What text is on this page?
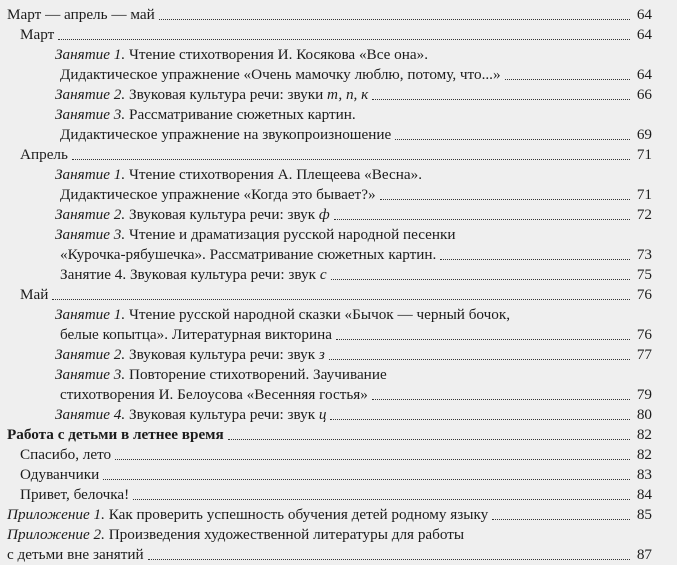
Март — апрель — май	64
Март	64
Занятие 1. Чтение стихотворения И. Косякова «Все она».
Дидактическое упражнение «Очень мамочку люблю, потому, что...»	64
Занятие 2. Звуковая культура речи: звуки т, п, к	66
Занятие 3. Рассматривание сюжетных картин.
Дидактическое упражнение на звукопроизношение	69
Апрель	71
Занятие 1. Чтение стихотворения А. Плещеева «Весна».
Дидактическое упражнение «Когда это бывает?»	71
Занятие 2. Звуковая культура речи: звук ф	72
Занятие 3. Чтение и драматизация русской народной песенки
«Курочка-рябушечка». Рассматривание сюжетных картин.	73
Занятие 4. Звуковая культура речи: звук с	75
Май	76
Занятие 1. Чтение русской народной сказки «Бычок — черный бочок,
белые копытца». Литературная викторина	76
Занятие 2. Звуковая культура речи: звук з	77
Занятие 3. Повторение стихотворений. Заучивание
стихотворения И. Белоусова «Весенняя гостья»	79
Занятие 4. Звуковая культура речи: звук ц	80
Работа с детьми в летнее время	82
Спасибо, лето	82
Одуванчики	83
Привет, белочка!	84
Приложение 1. Как проверить успешность обучения детей родному языку	85
Приложение 2. Произведения художественной литературы для работы
с детьми вне занятий	87
